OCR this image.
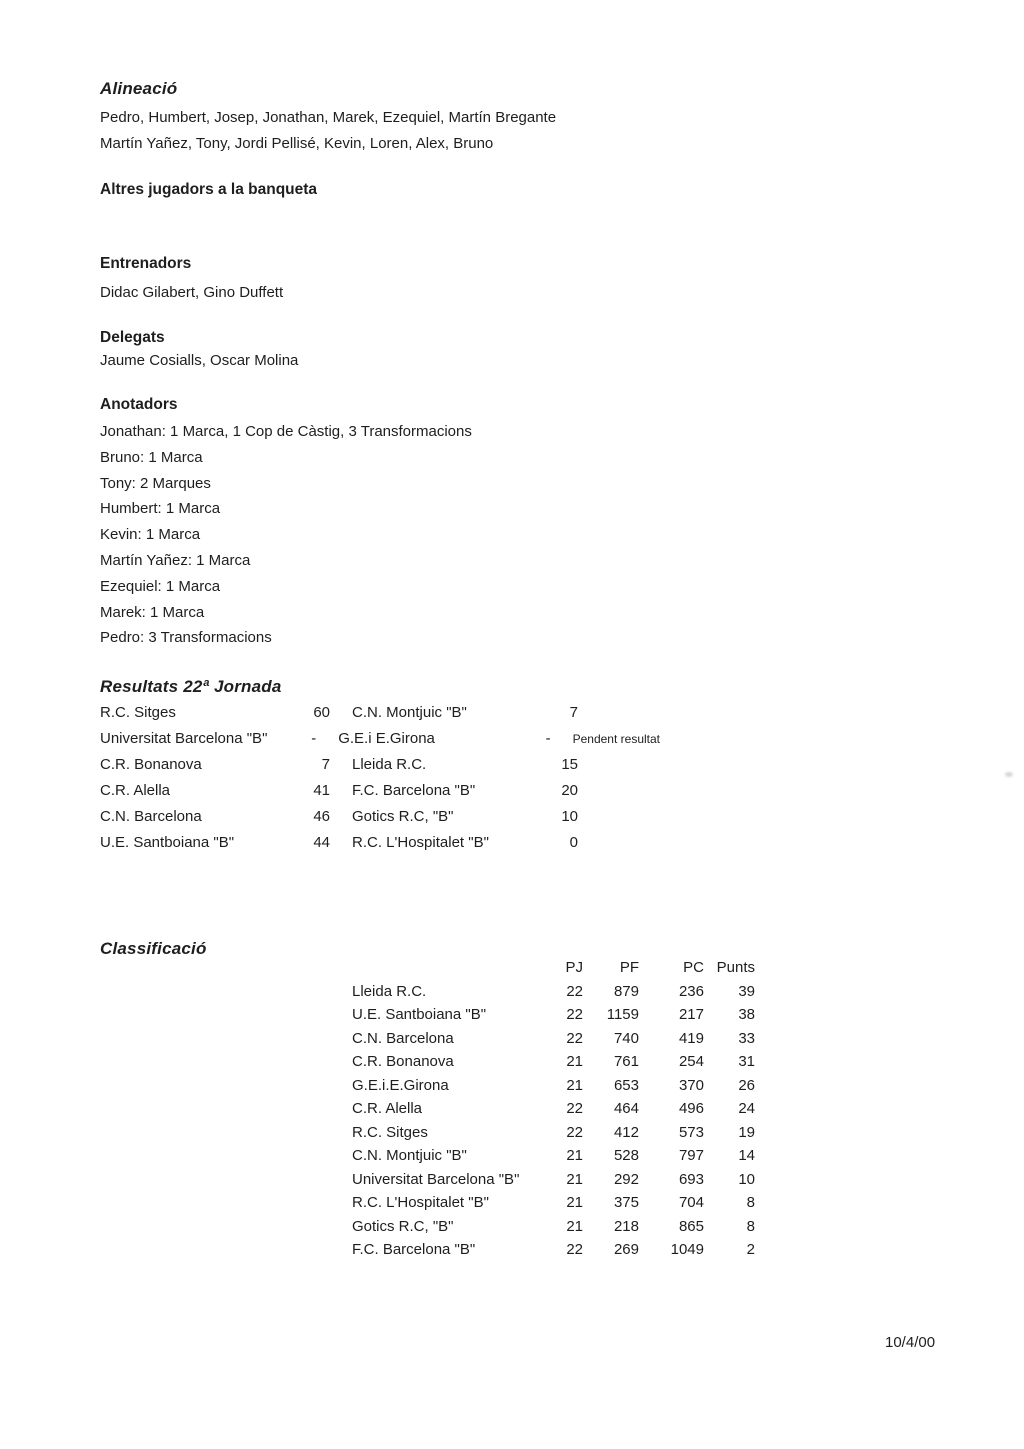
Alineació
Pedro, Humbert, Josep, Jonathan, Marek, Ezequiel, Martín Bregante
Martín Yañez, Tony, Jordi Pellisé, Kevin, Loren, Alex, Bruno
Altres jugadors a la banqueta
Entrenadors
Didac Gilabert, Gino Duffett
Delegats
Jaume Cosialls, Oscar Molina
Anotadors
Jonathan: 1 Marca, 1 Cop de Càstig, 3 Transformacions
Bruno: 1 Marca
Tony: 2 Marques
Humbert: 1 Marca
Kevin: 1 Marca
Martín Yañez: 1 Marca
Ezequiel: 1 Marca
Marek: 1 Marca
Pedro: 3 Transformacions
Resultats 22ª Jornada
R.C. Sitges	60 C.N. Montjuic "B"	7
Universitat Barcelona "B"	- G.E.i E.Girona	- Pendent resultat
C.R. Bonanova	7 Lleida R.C.	15
C.R. Alella	41 F.C. Barcelona "B"	20
C.N. Barcelona	46 Gotics R.C, "B"	10
U.E. Santboiana "B"	44 R.C. L'Hospitalet "B"	0
Classificació
PJ	PF	PC Punts
Lleida R.C.	22	879	236	39
U.E. Santboiana "B"	22	1159	217	38
C.N. Barcelona	22	740	419	33
C.R. Bonanova	21	761	254	31
G.E.i.E.Girona	21	653	370	26
C.R. Alella	22	464	496	24
R.C. Sitges	22	412	573	19
C.N. Montjuic "B"	21	528	797	14
Universitat Barcelona "B"	21	292	693	10
R.C. L'Hospitalet "B"	21	375	704	8
Gotics R.C, "B"	21	218	865	8
F.C. Barcelona "B"	22	269	1049	2
10/4/00
